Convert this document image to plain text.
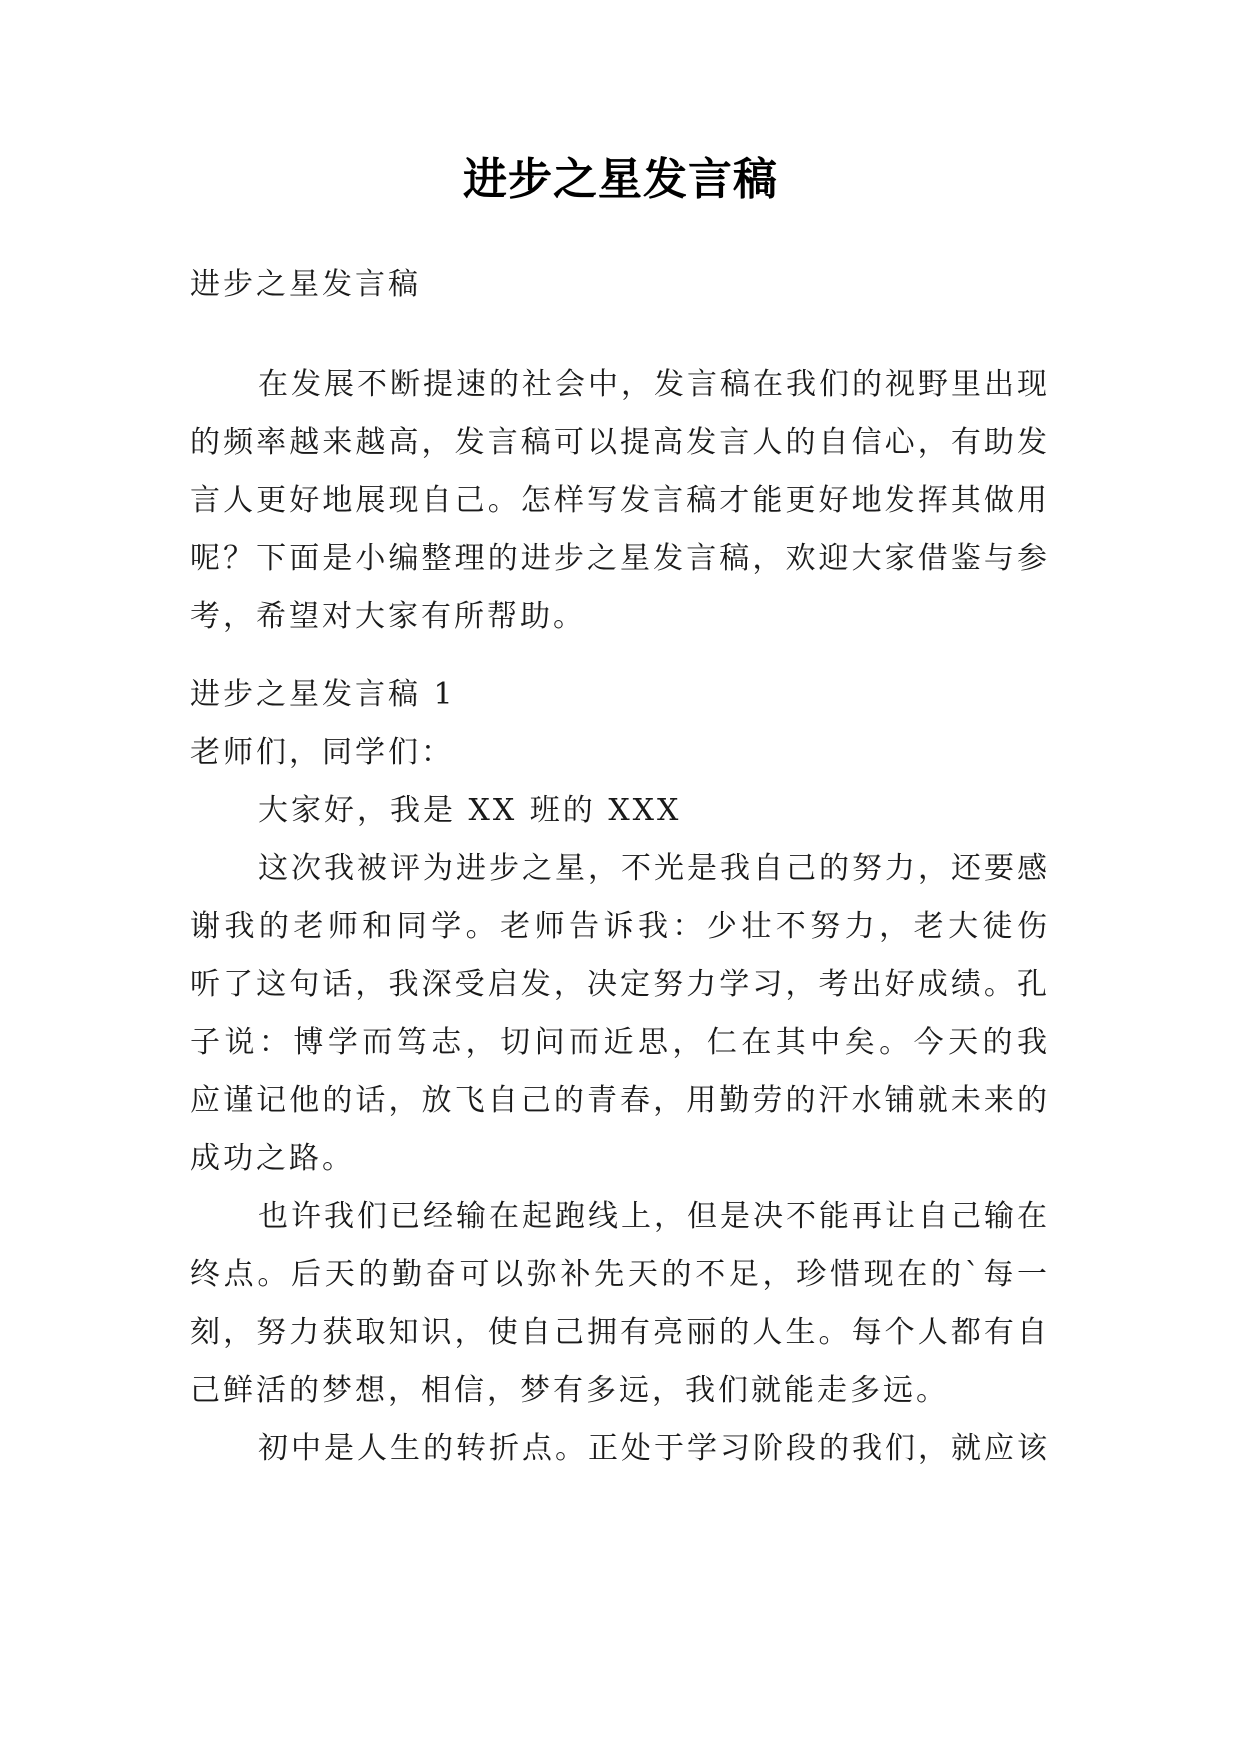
进步之星发言稿
进步之星发言稿
在发展不断提速的社会中，发言稿在我们的视野里出现
的频率越来越高，发言稿可以提高发言人的自信心，有助发
言人更好地展现自己。怎样写发言稿才能更好地发挥其做用
呢？下面是小编整理的进步之星发言稿，欢迎大家借鉴与参
考，希望对大家有所帮助。
进步之星发言稿 1
老师们，同学们：
大家好，我是 XX 班的 XXX
这次我被评为进步之星，不光是我自己的努力，还要感
谢我的老师和同学。老师告诉我：少壮不努力，老大徒伤
听了这句话，我深受启发，决定努力学习，考出好成绩。孔
子说：博学而笃志，切问而近思，仁在其中矣。今天的我
应谨记他的话，放飞自己的青春，用勤劳的汗水铺就未来的
成功之路。
也许我们已经输在起跑线上，但是决不能再让自己输在
终点。后天的勤奋可以弥补先天的不足，珍惜现在的`每一
刻，努力获取知识，使自己拥有亮丽的人生。每个人都有自
己鲜活的梦想，相信，梦有多远，我们就能走多远。
初中是人生的转折点。正处于学习阶段的我们，就应该
